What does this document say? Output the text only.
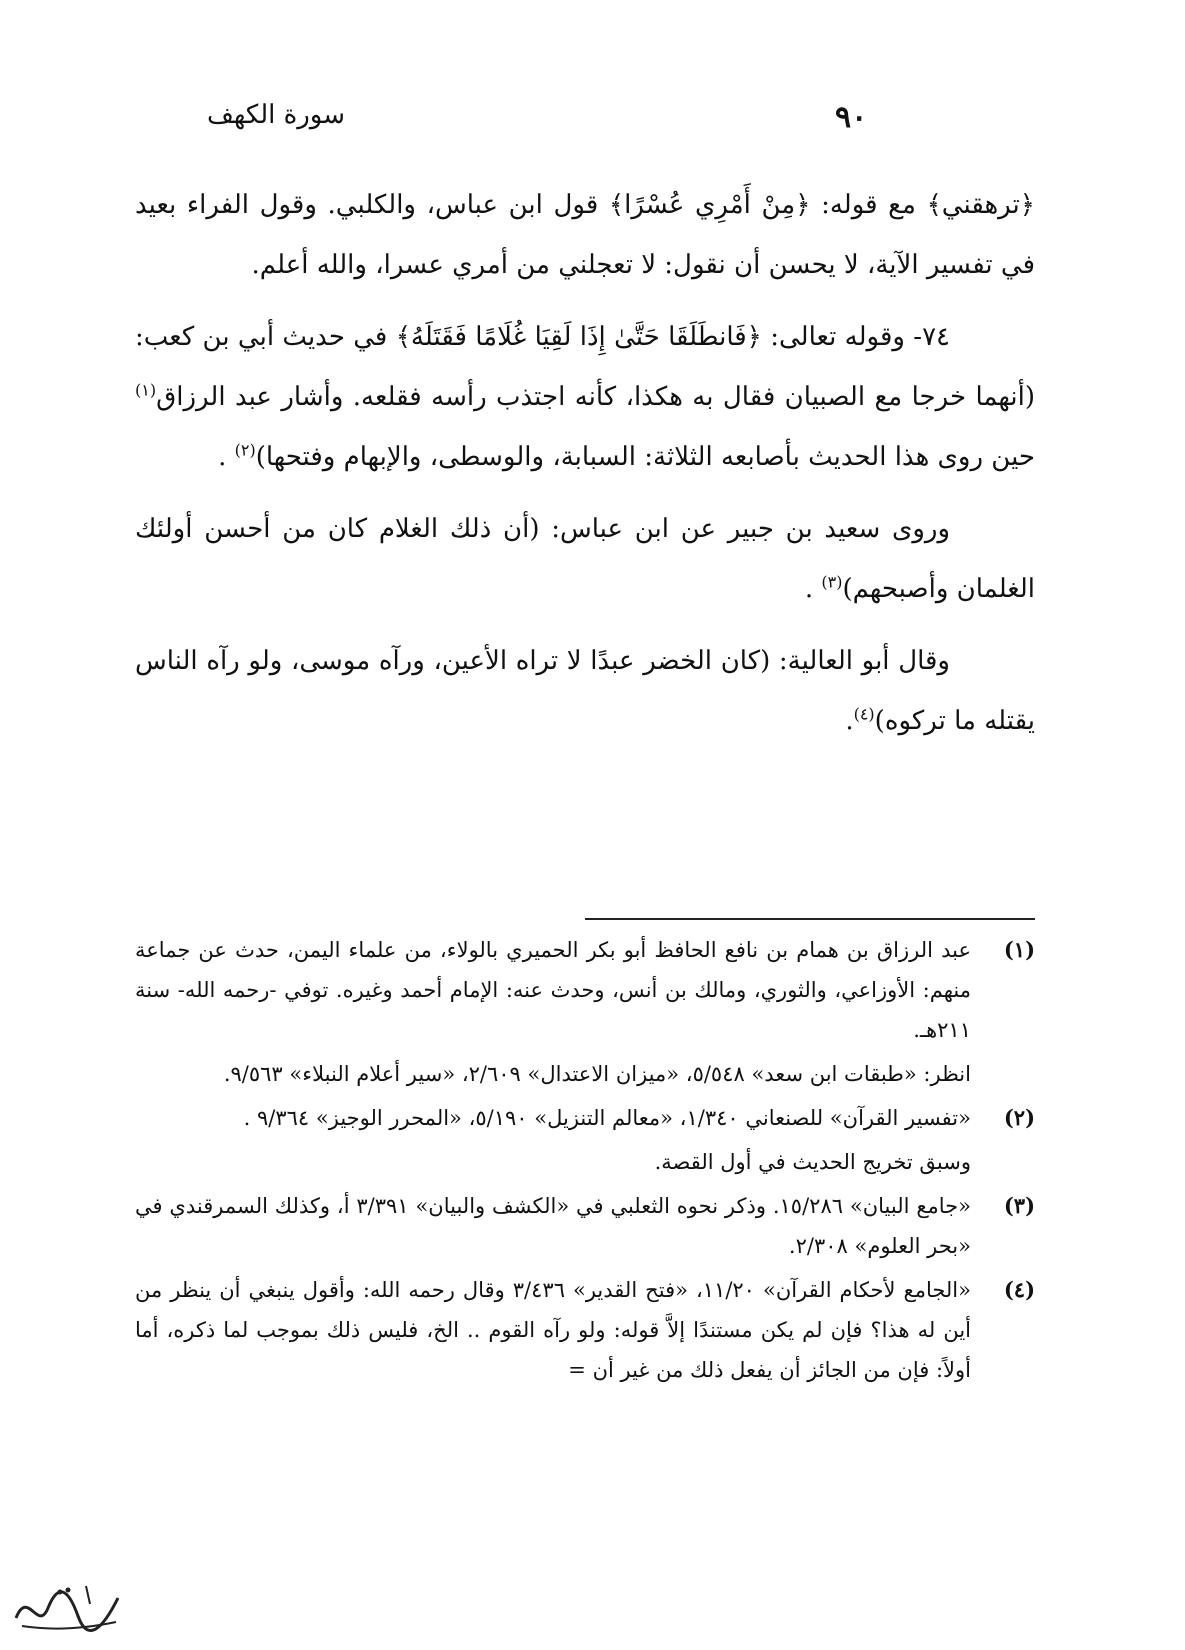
سورة الكهف	٩٠

﴿ترهقني﴾ مع قوله: ﴿مِنْ أَمْرِي عُسْرًا﴾ قول ابن عباس، والكلبي. وقول الفراء بعيد في تفسير الآية، لا يحسن أن نقول: لا تعجلني من أمري عسرا، والله أعلم.

٧٤- وقوله تعالى: ﴿فَانطَلَقَا حَتَّىٰ إِذَا لَقِيَا غُلَامًا فَقَتَلَهُ﴾ في حديث أبي بن كعب: (أنهما خرجا مع الصبيان فقال به هكذا، كأنه اجتذب رأسه فقلعه. وأشار عبد الرزاق$^{(١)}$ حين روى هذا الحديث بأصابعه الثلاثة: السبابة، والوسطى، والإبهام وفتحها)$^{(٢)}$ .

وروى سعيد بن جبير عن ابن عباس: (أن ذلك الغلام كان من أحسن أولئك الغلمان وأصبحهم)$^{(٣)}$ .

وقال أبو العالية: (كان الخضر عبدًا لا تراه الأعين، ورآه موسى، ولو رآه الناس يقتله ما تركوه)$^{(٤)}$.

(١)
عبد الرزاق بن همام بن نافع الحافظ أبو بكر الحميري بالولاء، من علماء اليمن، حدث عن جماعة منهم: الأوزاعي، والثوري، ومالك بن أنس، وحدث عنه: الإمام أحمد وغيره. توفي -رحمه الله- سنة ٢١١هـ.
انظر: «طبقات ابن سعد» ٥/٥٤٨، «ميزان الاعتدال» ٢/٦٠٩، «سير أعلام النبلاء» ٩/٥٦٣.
(٢)
«تفسير القرآن» للصنعاني ١/٣٤٠، «معالم التنزيل» ٥/١٩٠، «المحرر الوجيز» ٩/٣٦٤ .
وسبق تخريج الحديث في أول القصة.
(٣)
«جامع البيان» ١٥/٢٨٦. وذكر نحوه الثعلبي في «الكشف والبيان» ٣/٣٩١ أ، وكذلك السمرقندي في «بحر العلوم» ٢/٣٠٨.
(٤)
«الجامع لأحكام القرآن» ١١/٢٠، «فتح القدير» ٣/٤٣٦ وقال رحمه الله: وأقول ينبغي أن ينظر من أين له هذا؟ فإن لم يكن مستندًا إلاَّ قوله: ولو رآه القوم .. الخ، فليس ذلك بموجب لما ذكره، أما أولاً: فإن من الجائز أن يفعل ذلك من غير أن =
